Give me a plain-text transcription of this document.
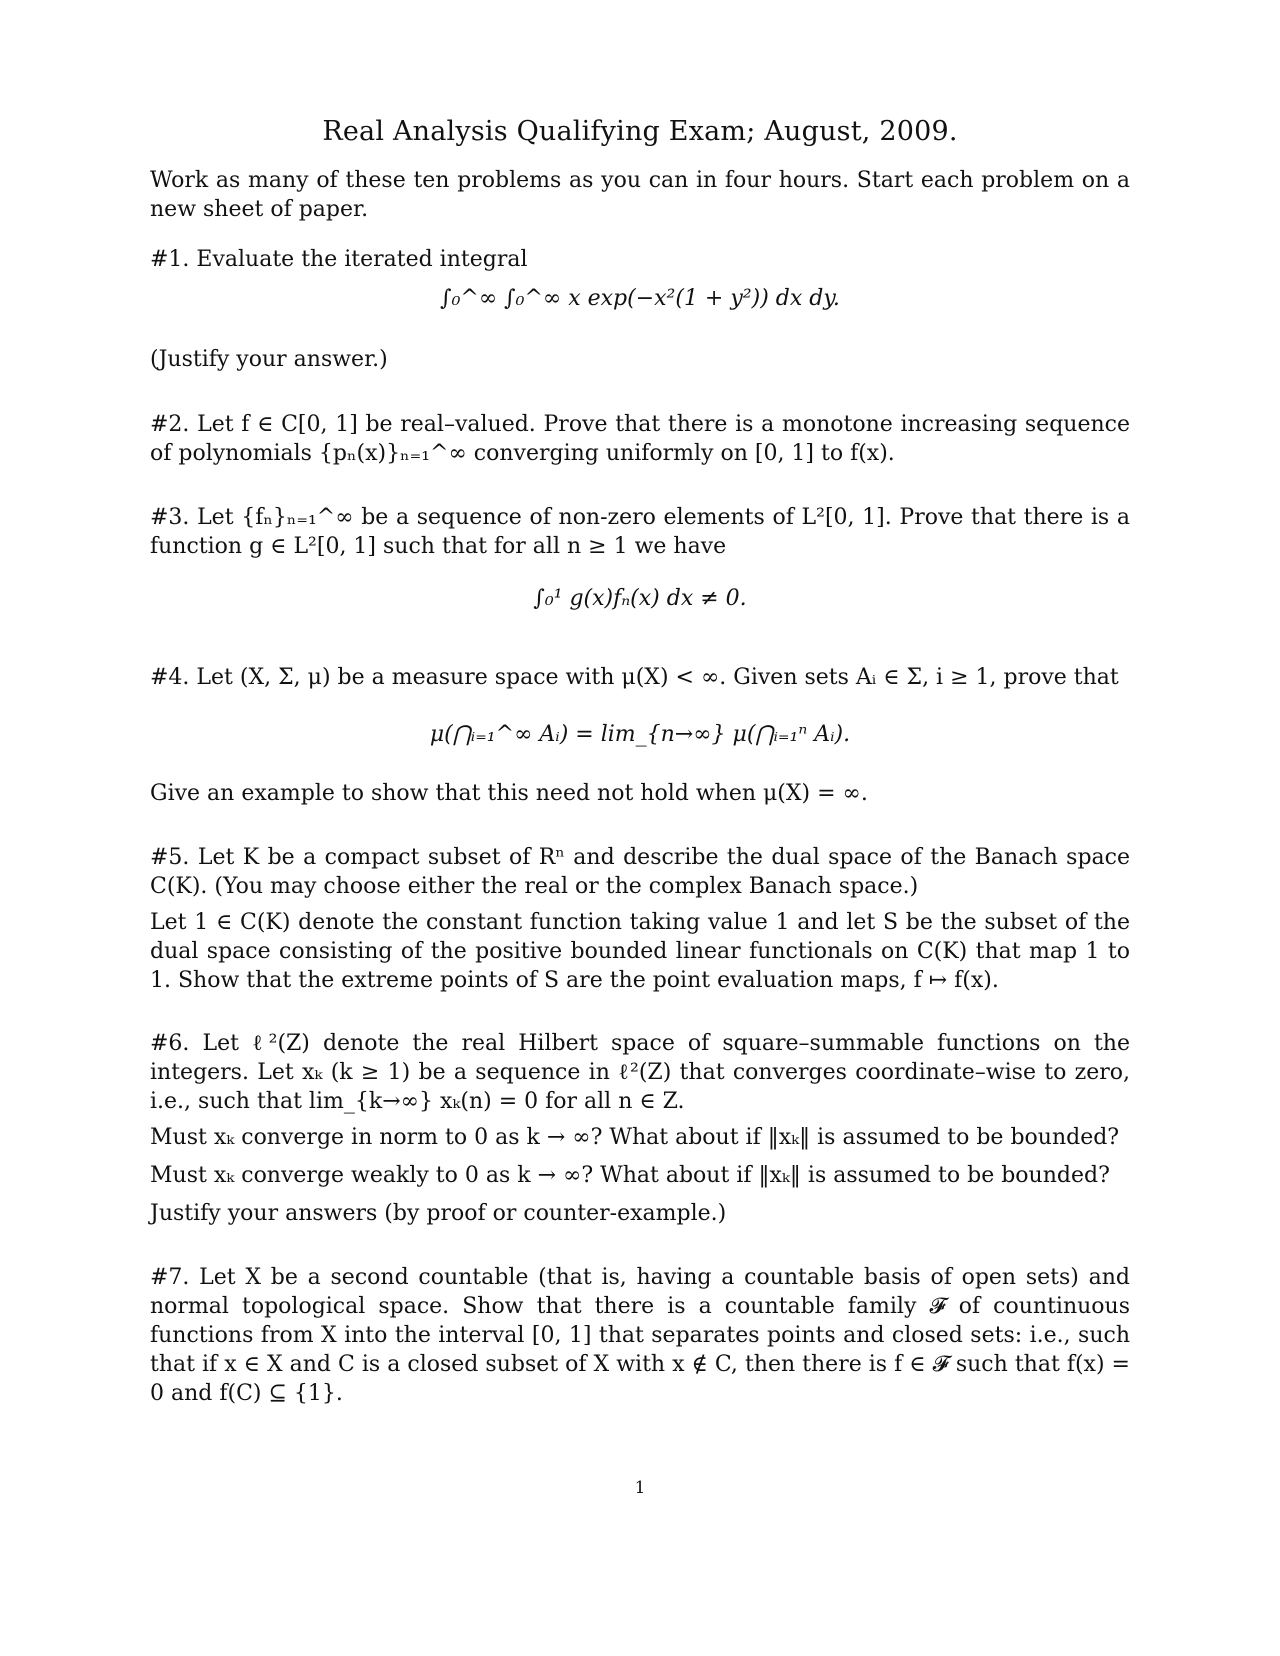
Real Analysis Qualifying Exam; August, 2009.

Work as many of these ten problems as you can in four hours. Start each problem on a new sheet of paper.

#1. Evaluate the iterated integral

∫₀^∞ ∫₀^∞ x exp(−x²(1 + y²)) dx dy.

(Justify your answer.)

#2. Let f ∈ C[0, 1] be real–valued. Prove that there is a monotone increasing sequence of polynomials {pₙ(x)}ₙ₌₁^∞ converging uniformly on [0, 1] to f(x).

#3. Let {fₙ}ₙ₌₁^∞ be a sequence of non-zero elements of L²[0, 1]. Prove that there is a function g ∈ L²[0, 1] such that for all n ≥ 1 we have

∫₀¹ g(x)fₙ(x) dx ≠ 0.

#4. Let (X, Σ, μ) be a measure space with μ(X) < ∞. Given sets Aᵢ ∈ Σ, i ≥ 1, prove that

μ(⋂ᵢ₌₁^∞ Aᵢ) = lim_{n→∞} μ(⋂ᵢ₌₁ⁿ Aᵢ).

Give an example to show that this need not hold when μ(X) = ∞.

#5. Let K be a compact subset of Rⁿ and describe the dual space of the Banach space C(K). (You may choose either the real or the complex Banach space.)

Let 1 ∈ C(K) denote the constant function taking value 1 and let S be the subset of the dual space consisting of the positive bounded linear functionals on C(K) that map 1 to 1. Show that the extreme points of S are the point evaluation maps, f ↦ f(x).

#6. Let ℓ²(Z) denote the real Hilbert space of square–summable functions on the integers. Let xₖ (k ≥ 1) be a sequence in ℓ²(Z) that converges coordinate–wise to zero, i.e., such that lim_{k→∞} xₖ(n) = 0 for all n ∈ Z.

Must xₖ converge in norm to 0 as k → ∞? What about if ‖xₖ‖ is assumed to be bounded?

Must xₖ converge weakly to 0 as k → ∞? What about if ‖xₖ‖ is assumed to be bounded?

Justify your answers (by proof or counter-example.)

#7. Let X be a second countable (that is, having a countable basis of open sets) and normal topological space. Show that there is a countable family 𝓕 of countinuous functions from X into the interval [0, 1] that separates points and closed sets: i.e., such that if x ∈ X and C is a closed subset of X with x ∉ C, then there is f ∈ 𝓕 such that f(x) = 0 and f(C) ⊆ {1}.

1
